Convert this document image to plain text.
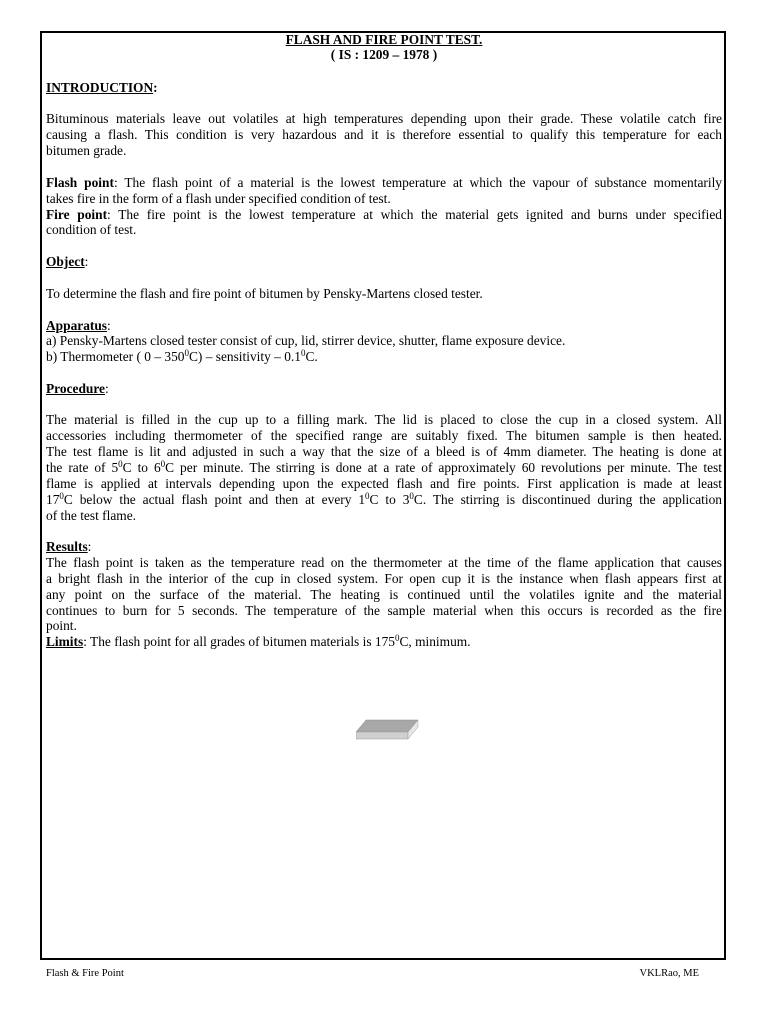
FLASH AND FIRE POINT TEST.
( IS : 1209 – 1978 )
INTRODUCTION:
Bituminous materials leave out volatiles at high temperatures depending upon their grade. These volatile catch fire
causing a flash. This condition is very hazardous and it is therefore essential to qualify this temperature for each
bitumen grade.
Flash point: The flash point of a material is the lowest temperature at which the vapour of substance momentarily
takes fire in the form of a flash under specified condition of test.
Fire point: The fire point is the lowest temperature at which the material gets ignited and burns under specified
condition of test.
Object:
To determine the flash and fire point of bitumen by Pensky-Martens closed tester.
Apparatus:
a) Pensky-Martens closed tester consist of cup, lid, stirrer device, shutter, flame exposure device.
b) Thermometer ( $0 - 350^0C$) – sensitivity – $0.1^0C$.
Procedure:
The material is filled in the cup up to a filling mark. The lid is placed to close the cup in a closed system. All
accessories including thermometer of the specified range are suitably fixed. The bitumen sample is then heated.
The test flame is lit and adjusted in such a way that the size of a bleed is of 4mm diameter. The heating is done at
the rate of $5^0C$ to $6^0C$ per minute. The stirring is done at a rate of approximately 60 revolutions per minute. The test
flame is applied at intervals depending upon the expected flash and fire points. First application is made at least
$17^0C$ below the actual flash point and then at every $1^0C$ to $3^0C$. The stirring is discontinued during the application
of the test flame.
Results:
The flash point is taken as the temperature read on the thermometer at the time of the flame application that causes
a bright flash in the interior of the cup in closed system. For open cup it is the instance when flash appears first at
any point on the surface of the material. The heating is continued until the volatiles ignite and the material
continues to burn for 5 seconds. The temperature of the sample material when this occurs is recorded as the fire
point.
Limits: The flash point for all grades of bitumen materials is $175^0C$, minimum.
Flash & Fire Point	VKLRao, ME
